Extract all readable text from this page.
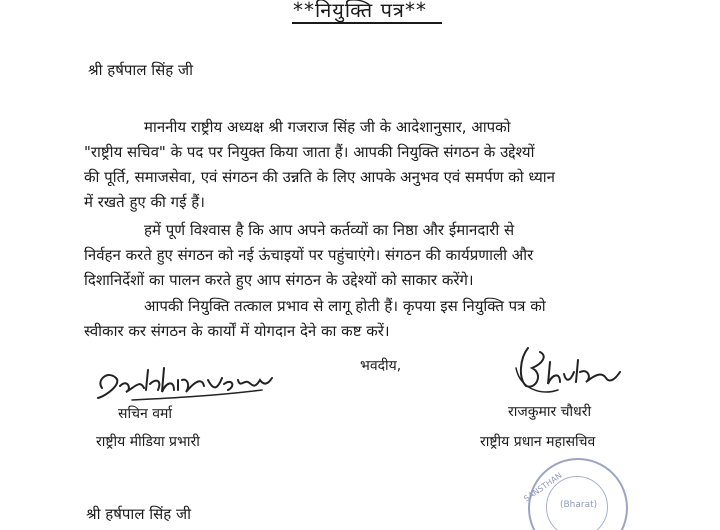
**नियुक्ति पत्र**
श्री हर्षपाल सिंह जी
माननीय राष्ट्रीय अध्यक्ष श्री गजराज सिंह जी के आदेशानुसार, आपको
"राष्ट्रीय सचिव" के पद पर नियुक्त किया जाता हैं। आपकी नियुक्ति संगठन के उद्देश्यों
की पूर्ति, समाजसेवा, एवं संगठन की उन्नति के लिए आपके अनुभव एवं समर्पण को ध्यान
में रखते हुए की गई हैं।
हमें पूर्ण विश्वास है कि आप अपने कर्तव्यों का निष्ठा और ईमानदारी से
निर्वहन करते हुए संगठन को नई ऊंचाइयों पर पहुंचाएंगे। संगठन की कार्यप्रणाली और
दिशानिर्देशों का पालन करते हुए आप संगठन के उद्देश्यों को साकार करेंगे।
आपकी नियुक्ति तत्काल प्रभाव से लागू होती हैं। कृपया इस नियुक्ति पत्र को
स्वीकार कर संगठन के कार्यों में योगदान देने का कष्ट करें।
भवदीय,
सचिन वर्मा
राष्ट्रीय मीडिया प्रभारी
राजकुमार चौधरी
राष्ट्रीय प्रधान महासचिव
SANSTHAN
(Bharat)
श्री हर्षपाल सिंह जी
